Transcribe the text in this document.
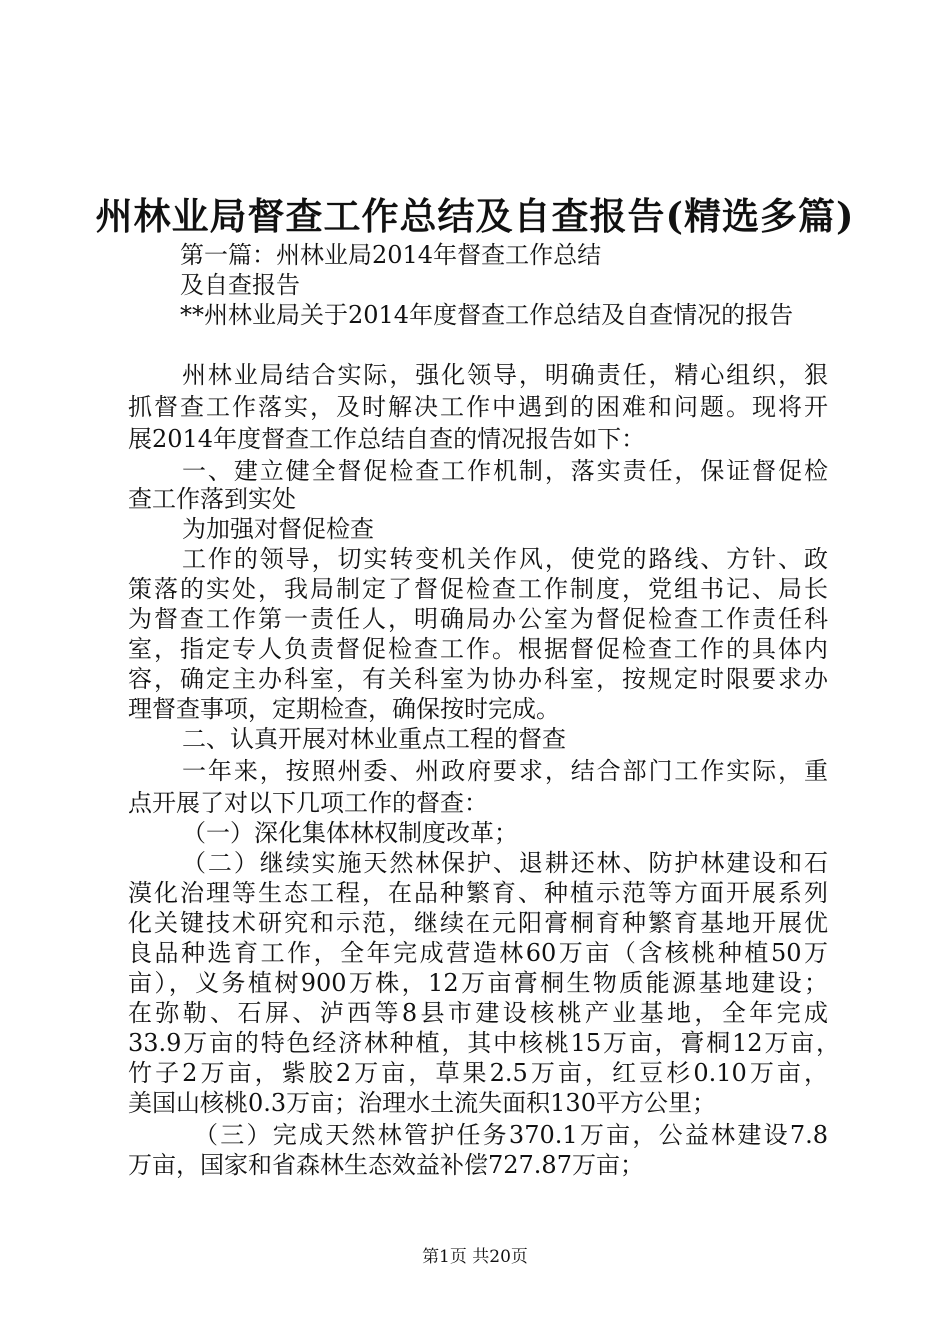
州林业局督查工作总结及自查报告(精选多篇)
第一篇：州林业局2014年督查工作总结
及自查报告
**州林业局关于2014年度督查工作总结及自查情况的报告
州林业局结合实际，强化领导，明确责任，精心组织，狠
抓督查工作落实，及时解决工作中遇到的困难和问题。现将开
展2014年度督查工作总结自查的情况报告如下：
一、建立健全督促检查工作机制，落实责任，保证督促检
查工作落到实处
为加强对督促检查
工作的领导，切实转变机关作风，使党的路线、方针、政
策落的实处，我局制定了督促检查工作制度，党组书记、局长
为督查工作第一责任人，明确局办公室为督促检查工作责任科
室，指定专人负责督促检查工作。根据督促检查工作的具体内
容，确定主办科室，有关科室为协办科室，按规定时限要求办
理督查事项，定期检查，确保按时完成。
二、认真开展对林业重点工程的督查
一年来，按照州委、州政府要求，结合部门工作实际，重
点开展了对以下几项工作的督查：
（一）深化集体林权制度改革；
（二）继续实施天然林保护、退耕还林、防护林建设和石
漠化治理等生态工程，在品种繁育、种植示范等方面开展系列
化关键技术研究和示范，继续在元阳膏桐育种繁育基地开展优
良品种选育工作，全年完成营造林60万亩（含核桃种植50万
亩），义务植树900万株，12万亩膏桐生物质能源基地建设；
在弥勒、石屏、泸西等8县市建设核桃产业基地，全年完成
33.9万亩的特色经济林种植，其中核桃15万亩，膏桐12万亩，
竹子2万亩，紫胶2万亩，草果2.5万亩，红豆杉0.10万亩，
美国山核桃0.3万亩；治理水土流失面积130平方公里；
（三）完成天然林管护任务370.1万亩，公益林建设7.8
万亩，国家和省森林生态效益补偿727.87万亩；
第1页 共20页
